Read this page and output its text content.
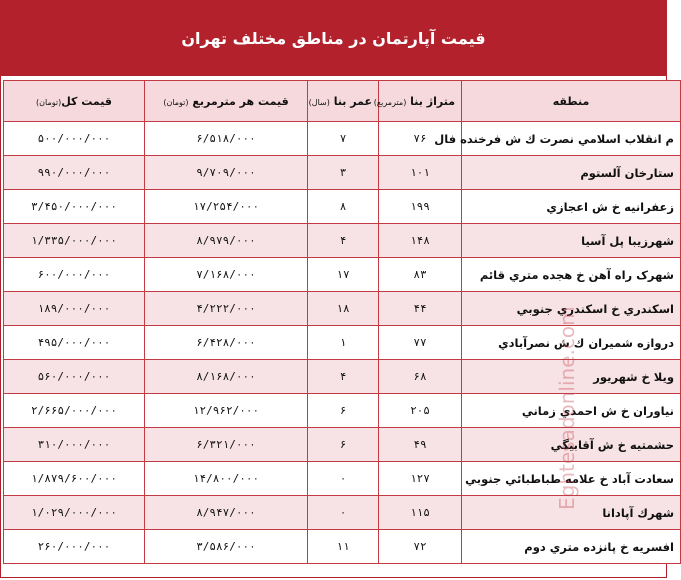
قیمت آپارتمان در مناطق مختلف تهران
منطقه	متراژ بنا (مترمربع)	عمر بنا (سال)	قیمت هر مترمربع (تومان)	قیمت کل(تومان)
م انقلاب اسلامي نصرت ك ش فرخنده فال	۷۶	۷	۶/۵۱۸/۰۰۰	۵۰۰/۰۰۰/۰۰۰
ستارخان آلستوم	۱۰۱	۳	۹/۷۰۹/۰۰۰	۹۹۰/۰۰۰/۰۰۰
زعفرانيه خ ش اعجازي	۱۹۹	۸	۱۷/۲۵۴/۰۰۰	۳/۴۵۰/۰۰۰/۰۰۰
شهرزيبا پل آسيا	۱۴۸	۴	۸/۹۷۹/۰۰۰	۱/۳۳۵/۰۰۰/۰۰۰
شهرک راه آهن خ هجده متري قائم	۸۳	۱۷	۷/۱۶۸/۰۰۰	۶۰۰/۰۰۰/۰۰۰
اسكندري خ اسكندري جنوبي	۴۴	۱۸	۴/۲۲۲/۰۰۰	۱۸۹/۰۰۰/۰۰۰
دروازه شميران ك ش نصرآبادي	۷۷	۱	۶/۴۲۸/۰۰۰	۴۹۵/۰۰۰/۰۰۰
ويلا خ شهريور	۶۸	۴	۸/۱۶۸/۰۰۰	۵۶۰/۰۰۰/۰۰۰
نياوران خ ش احمدي زماني	۲۰۵	۶	۱۲/۹۶۲/۰۰۰	۲/۶۶۵/۰۰۰/۰۰۰
حشمتيه خ ش آقابيگي	۴۹	۶	۶/۳۲۱/۰۰۰	۳۱۰/۰۰۰/۰۰۰
سعادت آباد خ علامه طباطبائي جنوبي	۱۲۷	۰	۱۴/۸۰۰/۰۰۰	۱/۸۷۹/۶۰۰/۰۰۰
شهرك آپادانا	۱۱۵	۰	۸/۹۴۷/۰۰۰	۱/۰۲۹/۰۰۰/۰۰۰
افسريه خ پانزده متري دوم	۷۲	۱۱	۳/۵۸۶/۰۰۰	۲۶۰/۰۰۰/۰۰۰
Eghtesadonline.com
